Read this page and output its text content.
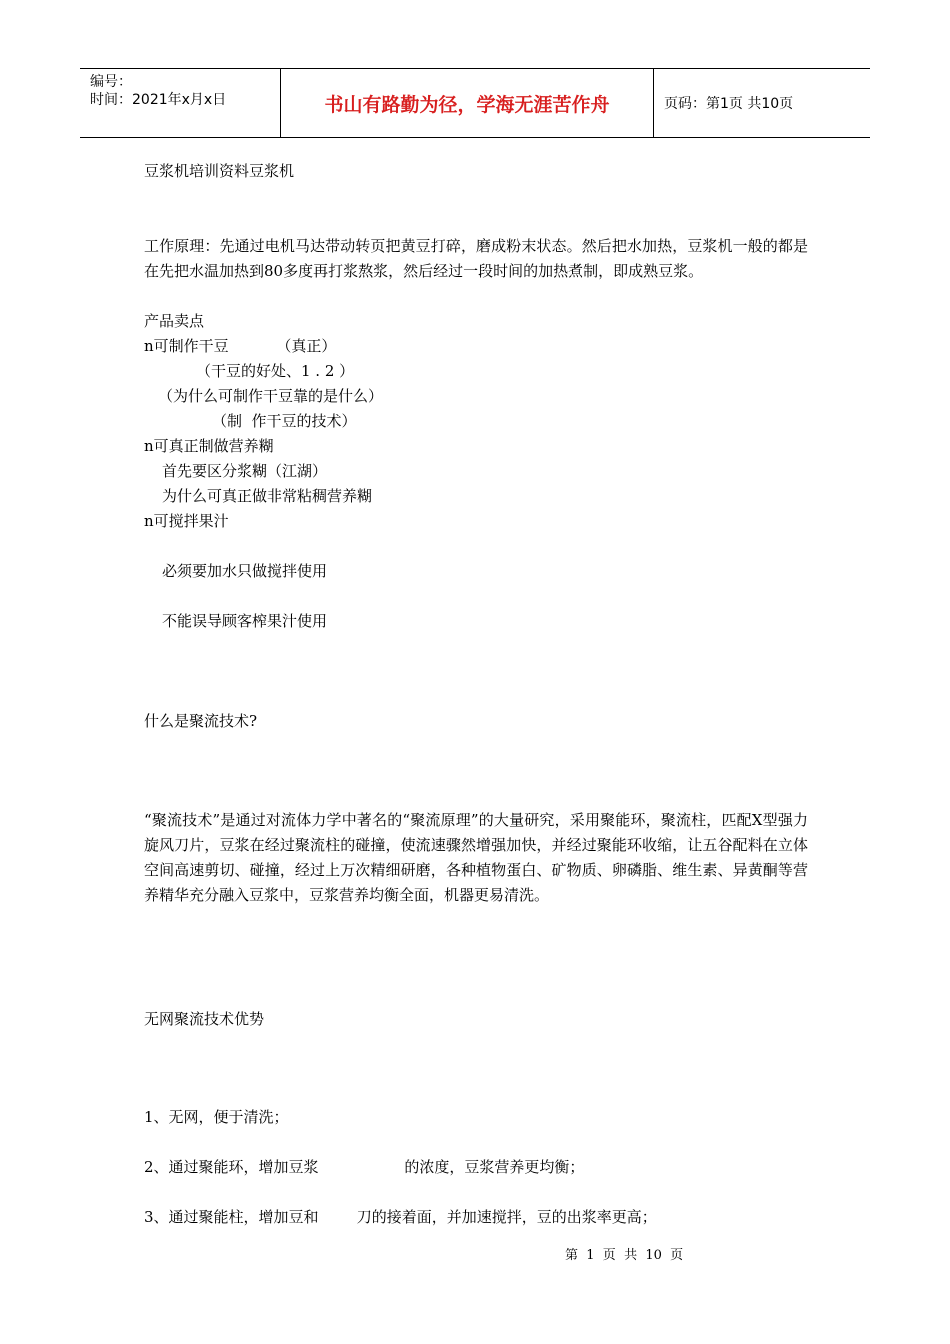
编号：
时间：2021年x月x日	书山有路勤为径，学海无涯苦作舟	页码：第1页 共10页
豆浆机培训资料豆浆机
工作原理：先通过电机马达带动转页把黄豆打碎，磨成粉末状态。然后把水加热，豆浆机一般的都是在先把水温加热到80多度再打浆熬浆，然后经过一段时间的加热煮制，即成熟豆浆。
产品卖点
n可制作干豆          （真正）
（干豆的好处、1 . 2 ）
（为什么可制作干豆靠的是什么）
（制  作干豆的技术）
n可真正制做营养糊
首先要区分浆糊（江湖）
为什么可真正做非常粘稠营养糊
n可搅拌果汁
必须要加水只做搅拌使用
不能误导顾客榨果汁使用
什么是聚流技术?
“聚流技术”是通过对流体力学中著名的“聚流原理”的大量研究，采用聚能环，聚流柱，匹配X型强力旋风刀片，豆浆在经过聚流柱的碰撞，使流速骤然增强加快，并经过聚能环收缩，让五谷配料在立体空间高速剪切、碰撞，经过上万次精细研磨，各种植物蛋白、矿物质、卵磷脂、维生素、异黄酮等营养精华充分融入豆浆中，豆浆营养均衡全面，机器更易清洗。
无网聚流技术优势
1、无网，便于清洗；
2、通过聚能环，增加豆浆                  的浓度，豆浆营养更均衡；
3、通过聚能柱，增加豆和        刀的接着面，并加速搅拌，豆的出浆率更高；
第  1  页  共  10  页
